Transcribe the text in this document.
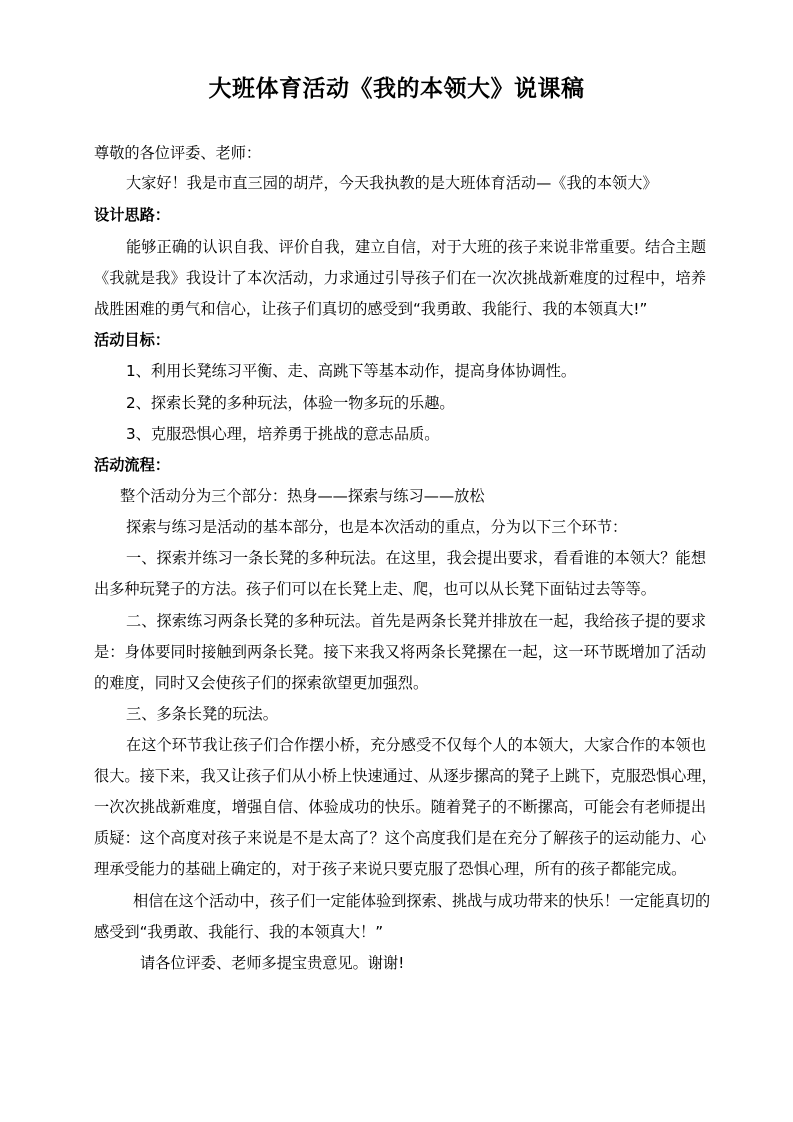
大班体育活动《我的本领大》说课稿
尊敬的各位评委、老师：
大家好！我是市直三园的胡芹，今天我执教的是大班体育活动—《我的本领大》
设计思路：
能够正确的认识自我、评价自我，建立自信，对于大班的孩子来说非常重要。结合主题
《我就是我》我设计了本次活动，力求通过引导孩子们在一次次挑战新难度的过程中，培养
战胜困难的勇气和信心，让孩子们真切的感受到“我勇敢、我能行、我的本领真大!”
活动目标：
1、利用长凳练习平衡、走、高跳下等基本动作，提高身体协调性。
2、探索长凳的多种玩法，体验一物多玩的乐趣。
3、克服恐惧心理，培养勇于挑战的意志品质。
活动流程：
整个活动分为三个部分：热身——探索与练习——放松
探索与练习是活动的基本部分，也是本次活动的重点，分为以下三个环节：
一、探索并练习一条长凳的多种玩法。在这里，我会提出要求，看看谁的本领大？能想
出多种玩凳子的方法。孩子们可以在长凳上走、爬，也可以从长凳下面钻过去等等。
二、探索练习两条长凳的多种玩法。首先是两条长凳并排放在一起，我给孩子提的要求
是：身体要同时接触到两条长凳。接下来我又将两条长凳摞在一起，这一环节既增加了活动
的难度，同时又会使孩子们的探索欲望更加强烈。
三、多条长凳的玩法。
在这个环节我让孩子们合作摆小桥，充分感受不仅每个人的本领大，大家合作的本领也
很大。接下来，我又让孩子们从小桥上快速通过、从逐步摞高的凳子上跳下，克服恐惧心理，
一次次挑战新难度，增强自信、体验成功的快乐。随着凳子的不断摞高，可能会有老师提出
质疑：这个高度对孩子来说是不是太高了？这个高度我们是在充分了解孩子的运动能力、心
理承受能力的基础上确定的，对于孩子来说只要克服了恐惧心理，所有的孩子都能完成。
相信在这个活动中，孩子们一定能体验到探索、挑战与成功带来的快乐！一定能真切的
感受到“我勇敢、我能行、我的本领真大！”
请各位评委、老师多提宝贵意见。谢谢!
